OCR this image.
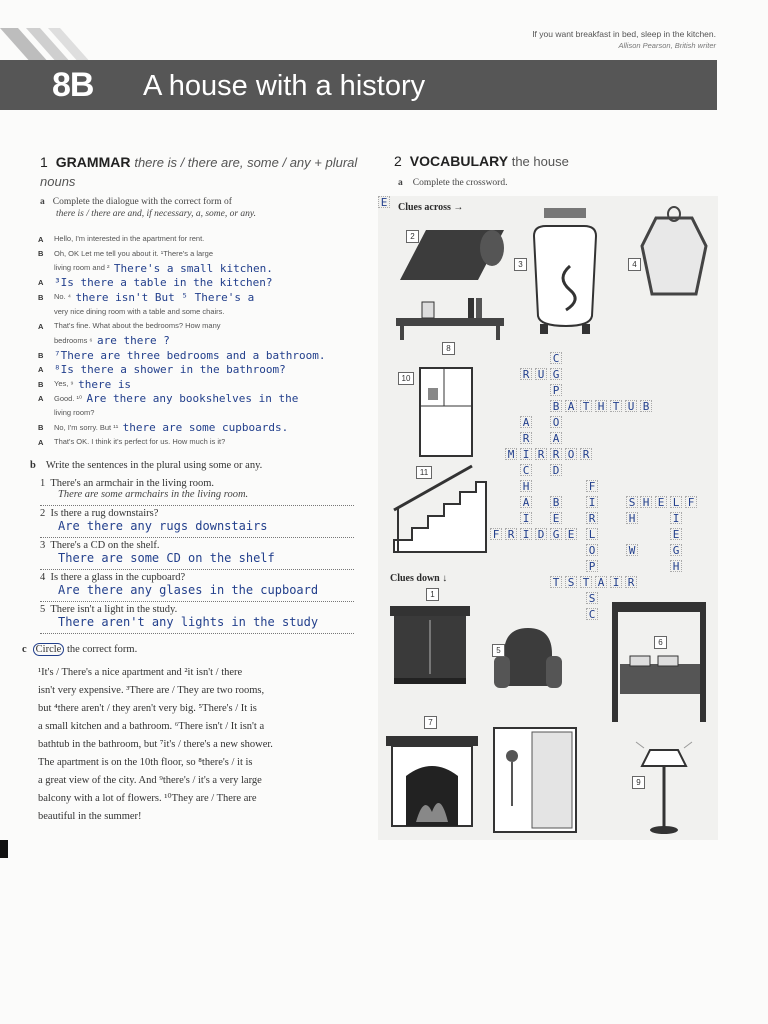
If you want breakfast in bed, sleep in the kitchen.
Allison Pearson, British writer
8B A house with a history
1 GRAMMAR there is / there are, some / any + plural nouns
a Complete the dialogue with the correct form of
there is / there are and, if necessary, a, some, or any.
A	Hello, I'm interested in the apartment for rent.
B	Oh, OK Let me tell you about it. ¹There's a large
living room and ²
There's a small kitchen.
A ³Is there a table in the kitchen?
B	No. ⁴
there isn't But ⁵ There's a
very nice dining room with a table and some chairs.
A	That's fine. What about the bedrooms? How many
bedrooms ⁶
are there ?
B ⁷There are three bedrooms and a bathroom.
A ⁸Is there a shower in the bathroom?
B	Yes, ⁹
there is
A	Good. ¹⁰
Are there any bookshelves in the
living room?
B	No, I'm sorry. But ¹¹
there are some cupboards.
A	That's OK. I think it's perfect for us. How much is it?
b Write the sentences in the plural using some or any.
1 There's an armchair in the living room.
There are some armchairs in the living room.
2 Is there a rug downstairs?
Are there any rugs downstairs
3 There's a CD on the shelf.
There are some CD on the shelf
4 Is there a glass in the cupboard?
Are there any glases in the cupboard
5 There isn't a light in the study.
There aren't any lights in the study
c Circle the correct form.
¹It's / There's a nice apartment and ²it isn't / there
isn't very expensive. ³There are / They are two rooms,
but ⁴there aren't / they aren't very big. ⁵There's / It is
a small kitchen and a bathroom. ⁶There isn't / It isn't a
bathtub in the bathroom, but ⁷it's / there's a new shower.
The apartment is on the 10th floor, so ⁸there's / it is
a great view of the city. And ⁹there's / it's a very large
balcony with a lot of flowers. ¹⁰They are / There are
beautiful in the summer!
2 VOCABULARY the house
a Complete the crossword.
Clues across →
Clues down ↓
2
3	4
8
10
11
1
5
6
7
9
C
R U G
P
B A T H T U B
O
A
R
A
M I R R O R
C D
H	F
A B	I	S H E L F
I E	R	H	I
F R I D G E
O	G
P
W
H
L	E
T S T A I R
S
C
E
